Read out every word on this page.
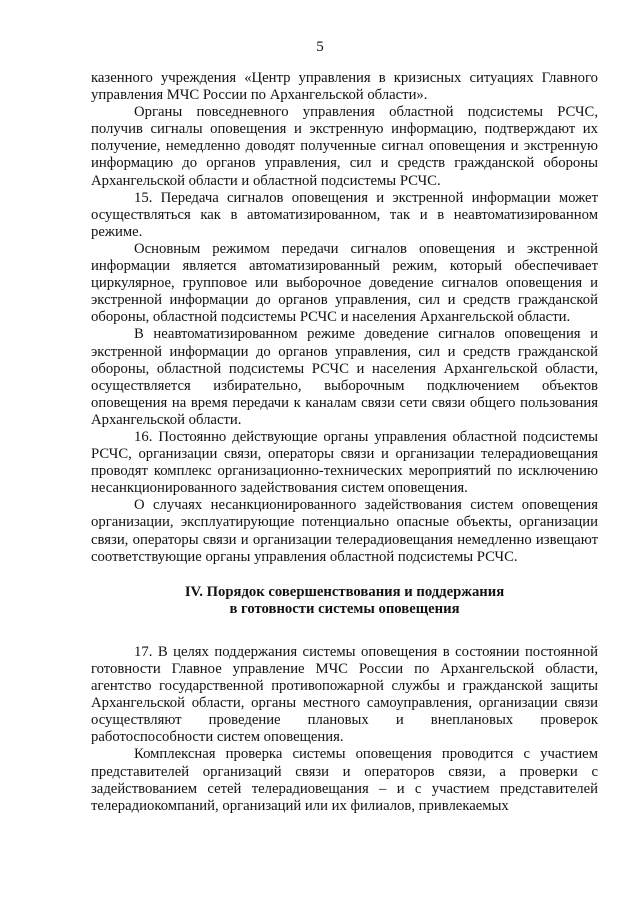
5

казенного учреждения «Центр управления в кризисных ситуациях Главного управления МЧС России по Архангельской области».

Органы повседневного управления областной подсистемы РСЧС, получив сигналы оповещения и экстренную информацию, подтверждают их получение, немедленно доводят полученные сигнал оповещения и экстренную информацию до органов управления, сил и средств гражданской обороны Архангельской области и областной подсистемы РСЧС.

15. Передача сигналов оповещения и экстренной информации может осуществляться как в автоматизированном, так и в неавтоматизированном режиме.

Основным режимом передачи сигналов оповещения и экстренной информации является автоматизированный режим, который обеспечивает циркулярное, групповое или выборочное доведение сигналов оповещения и экстренной информации до органов управления, сил и средств гражданской обороны, областной подсистемы РСЧС и населения Архангельской области.

В неавтоматизированном режиме доведение сигналов оповещения и экстренной информации до органов управления, сил и средств гражданской обороны, областной подсистемы РСЧС и населения Архангельской области, осуществляется избирательно, выборочным подключением объектов оповещения на время передачи к каналам связи сети связи общего пользования Архангельской области.

16. Постоянно действующие органы управления областной подсистемы РСЧС, организации связи, операторы связи и организации телерадиовещания проводят комплекс организационно-технических мероприятий по исключению несанкционированного задействования систем оповещения.

О случаях несанкционированного задействования систем оповещения организации, эксплуатирующие потенциально опасные объекты, организации связи, операторы связи и организации телерадиовещания немедленно извещают соответствующие органы управления областной подсистемы РСЧС.

IV. Порядок совершенствования и поддержания
в готовности системы оповещения

17. В целях поддержания системы оповещения в состоянии постоянной готовности Главное управление МЧС России по Архангельской области, агентство государственной противопожарной службы и гражданской защиты Архангельской области, органы местного самоуправления, организации связи осуществляют проведение плановых и внеплановых проверок работоспособности систем оповещения.

Комплексная проверка системы оповещения проводится с участием представителей организаций связи и операторов связи, а проверки с задействованием сетей телерадиовещания – и с участием представителей телерадиокомпаний, организаций или их филиалов, привлекаемых
